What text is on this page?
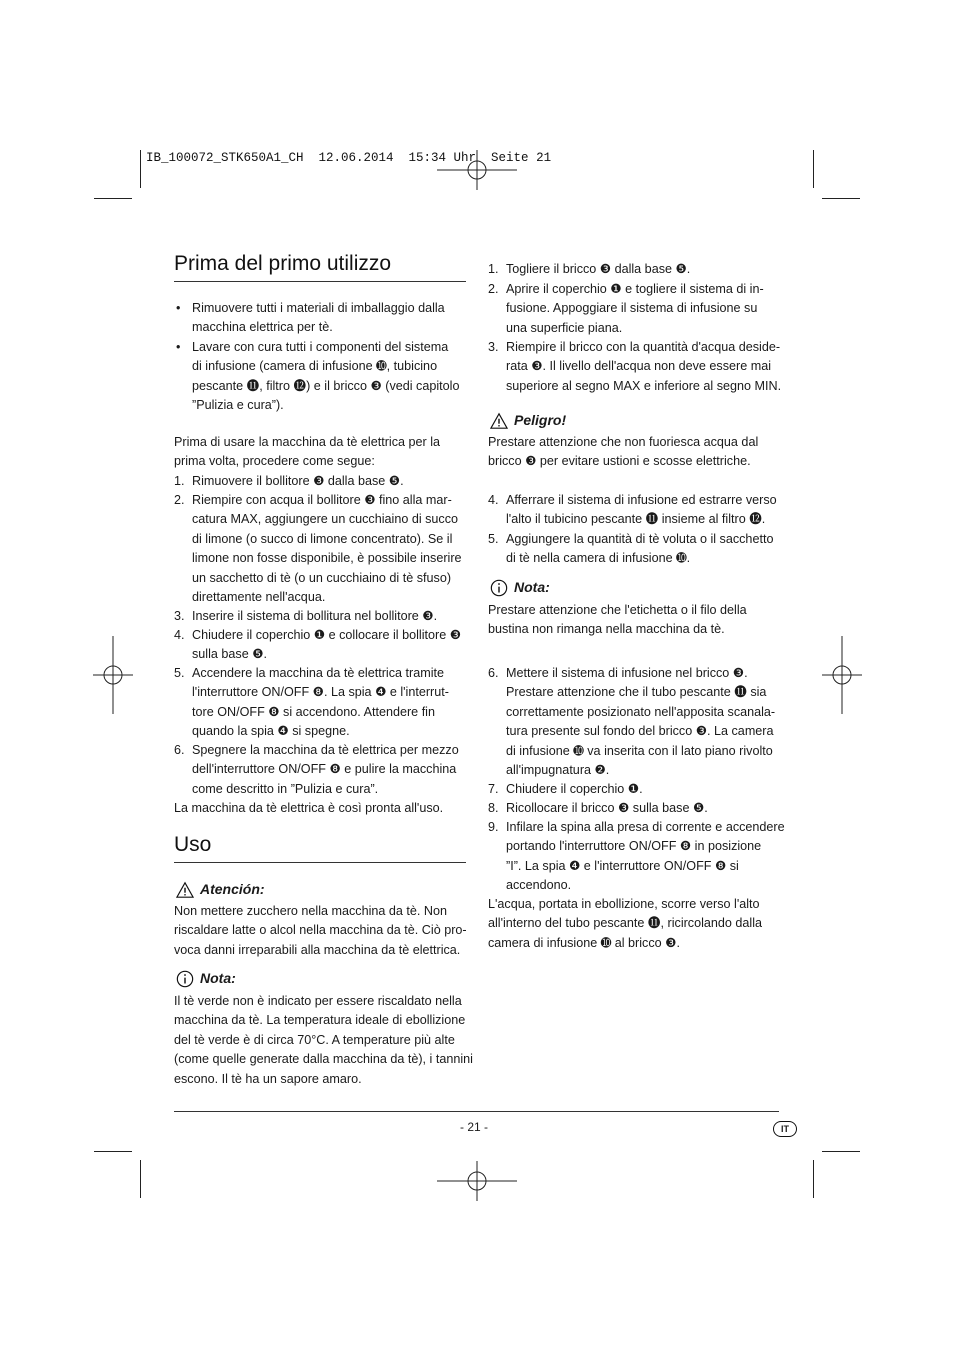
IB_100072_STK650A1_CH  12.06.2014  15:34 Uhr  Seite 21
Prima del primo utilizzo
• Rimuovere tutti i materiali di imballaggio dalla
macchina elettrica per tè.
• Lavare con cura tutti i componenti del sistema
di infusione (camera di infusione ➓, tubicino
pescante ⓫, filtro ⓬) e il bricco ❸ (vedi capitolo
”Pulizia e cura”).
Prima di usare la macchina da tè elettrica per la
prima volta, procedere come segue:
1. Rimuovere il bollitore ❸ dalla base ❺.
2. Riempire con acqua il bollitore ❸ fino alla mar-
catura MAX, aggiungere un cucchiaino di succo
di limone (o succo di limone concentrato). Se il
limone non fosse disponibile, è possibile inserire
un sacchetto di tè (o un cucchiaino di tè sfuso)
direttamente nell'acqua.
3. Inserire il sistema di bollitura nel bollitore ❸.
4. Chiudere il coperchio ❶ e collocare il bollitore ❸
sulla base ❺.
5. Accendere la macchina da tè elettrica tramite
l'interruttore ON/OFF ❽. La spia ❹ e l'interrut-
tore ON/OFF ❽ si accendono. Attendere fin
quando la spia ❹ si spegne.
6. Spegnere la macchina da tè elettrica per mezzo
dell'interruttore ON/OFF ❽ e pulire la macchina
come descritto in ”Pulizia e cura”.
La macchina da tè elettrica è così pronta all'uso.
Uso
Atención:
Non mettere zucchero nella macchina da tè. Non
riscaldare latte o alcol nella macchina da tè. Ciò pro-
voca danni irreparabili alla macchina da tè elettrica.
Nota:
Il tè verde non è indicato per essere riscaldato nella
macchina da tè. La temperatura ideale di ebollizione
del tè verde è di circa 70°C. A temperature più alte
(come quelle generate dalla macchina da tè), i tannini
escono. Il tè ha un sapore amaro.
1. Togliere il bricco ❸ dalla base ❺.
2. Aprire il coperchio ❶ e togliere il sistema di in-
fusione. Appoggiare il sistema di infusione su
una superficie piana.
3. Riempire il bricco con la quantità d'acqua deside-
rata ❸. Il livello dell'acqua non deve essere mai
superiore al segno MAX e inferiore al segno MIN.
Peligro!
Prestare attenzione che non fuoriesca acqua dal
bricco ❸ per evitare ustioni e scosse elettriche.
4. Afferrare il sistema di infusione ed estrarre verso
l'alto il tubicino pescante ⓫ insieme al filtro ⓬.
5. Aggiungere la quantità di tè voluta o il sacchetto
di tè nella camera di infusione ➓.
Nota:
Prestare attenzione che l'etichetta o il filo della
bustina non rimanga nella macchina da tè.
6. Mettere il sistema di infusione nel bricco ❸.
Prestare attenzione che il tubo pescante ⓫ sia
correttamente posizionato nell'apposita scanala-
tura presente sul fondo del bricco ❸. La camera
di infusione ➓ va inserita con il lato piano rivolto
all'impugnatura ❷.
7. Chiudere il coperchio ❶.
8. Ricollocare il bricco ❸ sulla base ❺.
9. Infilare la spina alla presa di corrente e accendere
portando l'interruttore ON/OFF ❽ in posizione
”I”. La spia ❹ e l'interruttore ON/OFF ❽ si
accendono.
L'acqua, portata in ebollizione, scorre verso l'alto
all'interno del tubo pescante ⓫, ricircolando dalla
camera di infusione ➓ al bricco ❸.
- 21 -	IT
